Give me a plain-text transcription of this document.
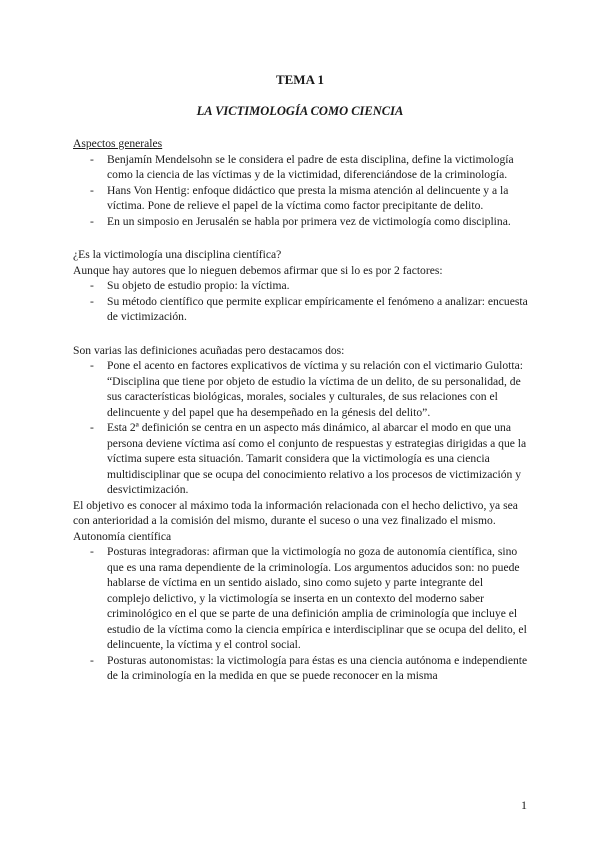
TEMA 1
LA VICTIMOLOGÍA COMO CIENCIA

Aspectos generales

- Benjamín Mendelsohn se le considera el padre de esta disciplina, define la victimología como la ciencia de las víctimas y de la victimidad, diferenciándose de la criminología.
- Hans Von Hentig: enfoque didáctico que presta la misma atención al delincuente y a la víctima. Pone de relieve el papel de la víctima como factor precipitante de delito.
- En un simposio en Jerusalén se habla por primera vez de victimología como disciplina.

¿Es la victimología una disciplina científica?

Aunque hay autores que lo nieguen debemos afirmar que si lo es por 2 factores:

- Su objeto de estudio propio: la víctima.
- Su método científico que permite explicar empíricamente el fenómeno a analizar: encuesta de victimización.

Son varias las definiciones acuñadas pero destacamos dos:

- Pone el acento en factores explicativos de víctima y su relación con el victimario Gulotta: “Disciplina que tiene por objeto de estudio la víctima de un delito, de su personalidad, de sus características biológicas, morales, sociales y culturales, de sus relaciones con el delincuente y del papel que ha desempeñado en la génesis del delito”.
- Esta 2ª definición se centra en un aspecto más dinámico, al abarcar el modo en que una persona deviene víctima así como el conjunto de respuestas y estrategias dirigidas a que la víctima supere esta situación. Tamarit considera que la victimología es una ciencia multidisciplinar que se ocupa del conocimiento relativo a los procesos de victimización y desvictimización.

El objetivo es conocer al máximo toda la información relacionada con el hecho delictivo, ya sea con anterioridad a la comisión del mismo, durante el suceso o una vez finalizado el mismo.

Autonomía científica

- Posturas integradoras: afirman que la victimología no goza de autonomía científica, sino que es una rama dependiente de la criminología. Los argumentos aducidos son: no puede hablarse de víctima en un sentido aislado, sino como sujeto y parte integrante del complejo delictivo, y la victimología se inserta en un contexto del moderno saber criminológico en el que se parte de una definición amplia de criminología que incluye el estudio de la víctima como la ciencia empírica e interdisciplinar que se ocupa del delito, el delincuente, la víctima y el control social.
- Posturas autonomistas: la victimología para éstas es una ciencia autónoma e independiente de la criminología en la medida en que se puede reconocer en la misma
1
